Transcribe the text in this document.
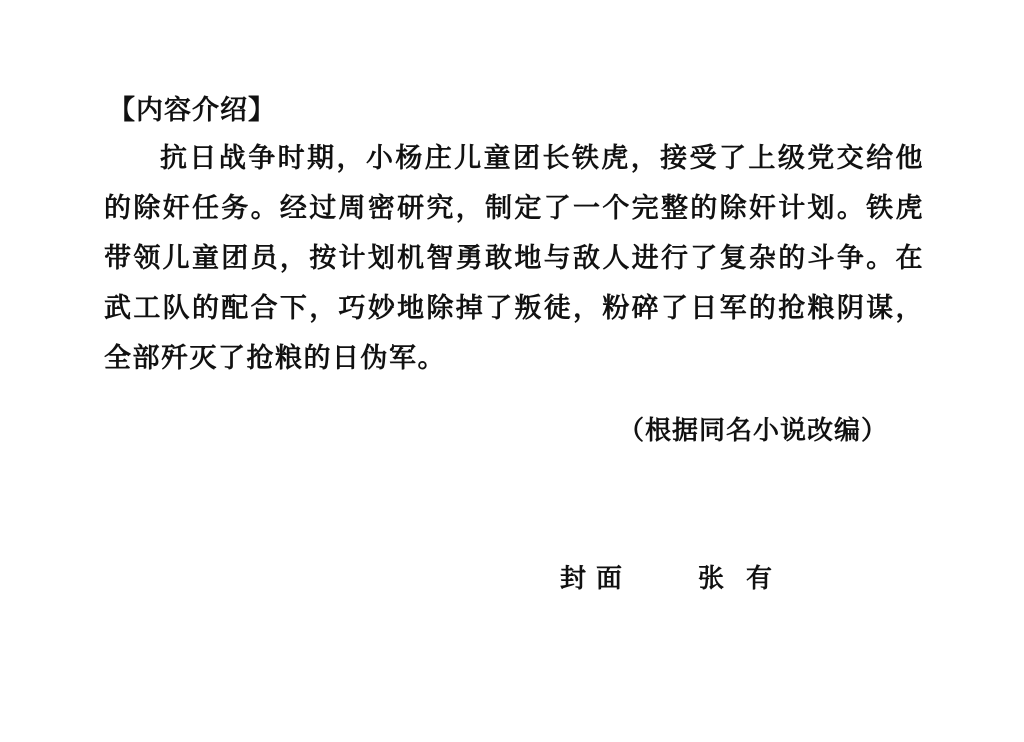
【内容介绍】
抗日战争时期，小杨庄儿童团长铁虎，接受了上级党交给他的除奸任务。经过周密研究，制定了一个完整的除奸计划。铁虎带领儿童团员，按计划机智勇敢地与敌人进行了复杂的斗争。在武工队的配合下，巧妙地除掉了叛徒，粉碎了日军的抢粮阴谋，全部歼灭了抢粮的日伪军。
（根据同名小说改编）
封面	张有
